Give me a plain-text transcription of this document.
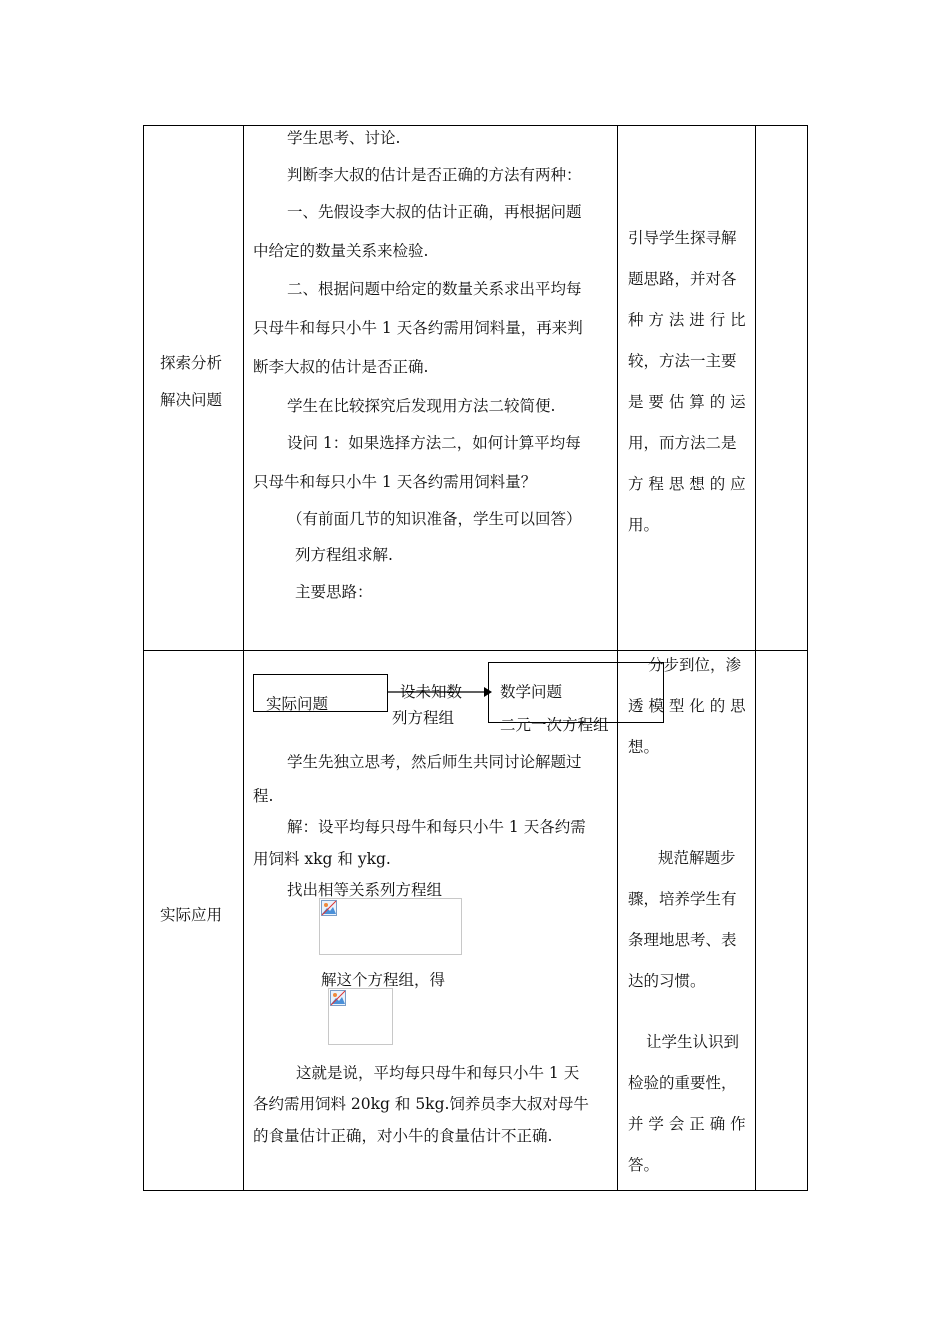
探索分析
解决问题
学生思考、讨论.
判断李大叔的估计是否正确的方法有两种：
一、先假设李大叔的估计正确，再根据问题
中给定的数量关系来检验.
二、根据问题中给定的数量关系求出平均每
只母牛和每只小牛 1 天各约需用饲料量，再来判
断李大叔的估计是否正确.
学生在比较探究后发现用方法二较简便.
设问 1：如果选择方法二，如何计算平均每
只母牛和每只小牛 1 天各约需用饲料量？
（有前面几节的知识准备，学生可以回答）
列方程组求解.
主要思路：
引导学生探寻解
题思路，并对各
种 方 法 进 行 比
较，方法一主要
是 要 估 算 的 运
用，而方法二是
方 程 思 想 的 应
用。
实际应用
实际问题
设未知数
列方程组
数学问题
二元一次方程组
学生先独立思考，然后师生共同讨论解题过
程.
解：设平均每只母牛和每只小牛 1 天各约需
用饲料 xkg 和 ykg.
找出相等关系列方程组
解这个方程组，得
这就是说，平均每只母牛和每只小牛 1 天
各约需用饲料 20kg 和 5kg.饲养员李大叔对母牛
的食量估计正确，对小牛的食量估计不正确.
分步到位，渗
透 模 型 化 的 思
想。
规范解题步
骤，培养学生有
条理地思考、表
达的习惯。
让学生认识到
检验的重要性，
并 学 会 正 确 作
答。
